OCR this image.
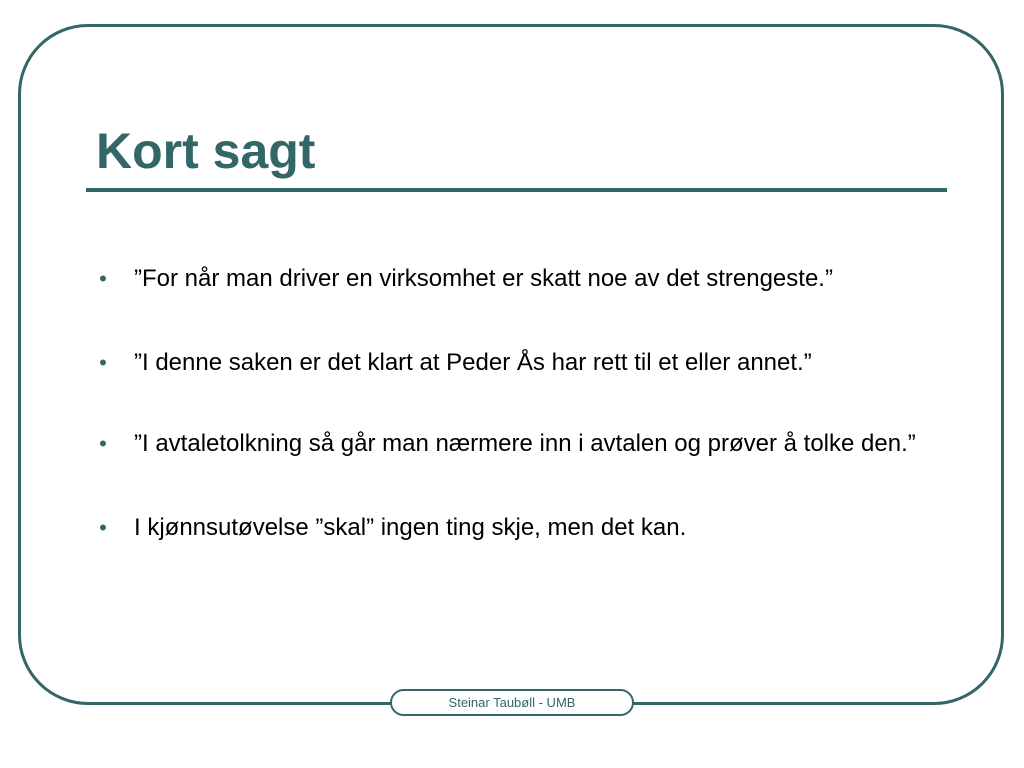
Kort sagt
• ”For når man driver en virksomhet er skatt noe av det strengeste.”
• ”I denne saken er det klart at Peder Ås har rett til et eller annet.”
• ”I avtaletolkning så går man nærmere inn i avtalen og prøver å tolke den.”
• I kjønnsutøvelse ”skal” ingen ting skje, men det kan.
Steinar Taubøll - UMB
